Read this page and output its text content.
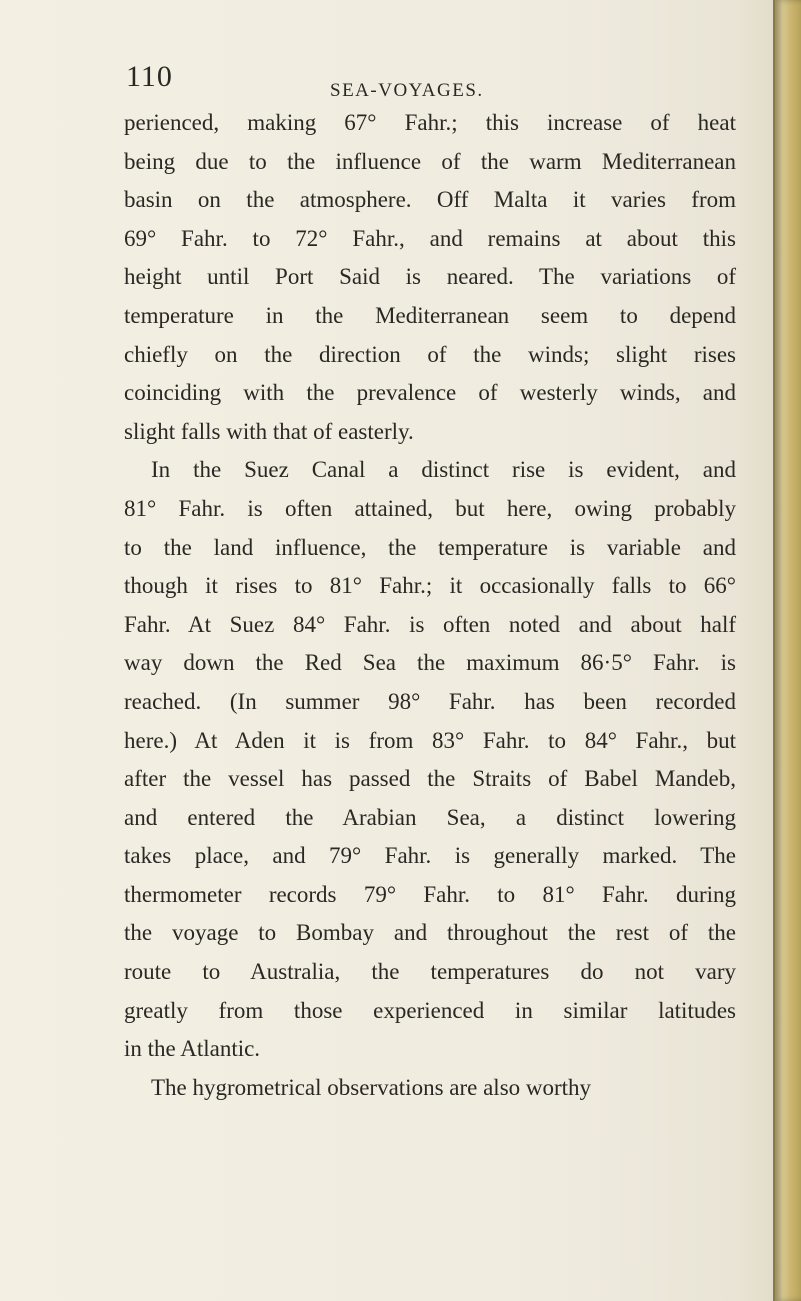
110	SEA-VOYAGES.
perienced, making 67° Fahr.; this increase of heat
being due to the influence of the warm Mediterranean
basin on the atmosphere. Off Malta it varies from
69° Fahr. to 72° Fahr., and remains at about this
height until Port Said is neared. The variations of
temperature in the Mediterranean seem to depend
chiefly on the direction of the winds; slight rises
coinciding with the prevalence of westerly winds, and
slight falls with that of easterly.
In the Suez Canal a distinct rise is evident, and
81° Fahr. is often attained, but here, owing probably
to the land influence, the temperature is variable and
though it rises to 81° Fahr.; it occasionally falls to 66°
Fahr. At Suez 84° Fahr. is often noted and about half
way down the Red Sea the maximum 86·5° Fahr. is
reached. (In summer 98° Fahr. has been recorded
here.) At Aden it is from 83° Fahr. to 84° Fahr., but
after the vessel has passed the Straits of Babel Mandeb,
and entered the Arabian Sea, a distinct lowering
takes place, and 79° Fahr. is generally marked. The
thermometer records 79° Fahr. to 81° Fahr. during
the voyage to Bombay and throughout the rest of the
route to Australia, the temperatures do not vary
greatly from those experienced in similar latitudes
in the Atlantic.
The hygrometrical observations are also worthy
